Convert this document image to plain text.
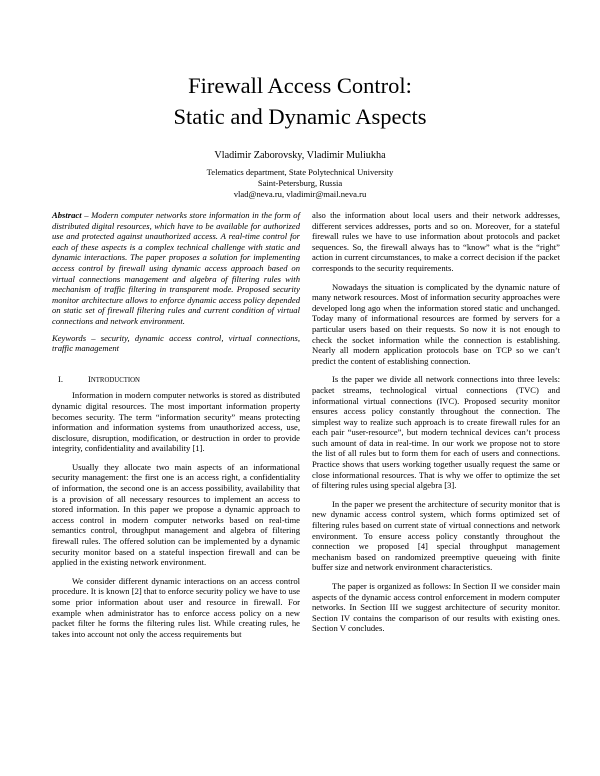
Firewall Access Control:
Static and Dynamic Aspects
Vladimir Zaborovsky, Vladimir Muliukha
Telematics department, State Polytechnical University
Saint-Petersburg, Russia
vlad@neva.ru, vladimir@mail.neva.ru

Abstract – Modern computer networks store information in the form of distributed digital resources, which have to be available for authorized use and protected against unauthorized access. A real-time control for each of these aspects is a complex technical challenge with static and dynamic interactions. The paper proposes a solution for implementing access control by firewall using dynamic access approach based on virtual connections management and algebra of filtering rules with mechanism of traffic filtering in transparent mode. Proposed security monitor architecture allows to enforce dynamic access policy depended on static set of firewall filtering rules and current condition of virtual connections and network environment.

Keywords – security, dynamic access control, virtual connections, traffic management

I.	INTRODUCTION

Information in modern computer networks is stored as distributed dynamic digital resources. The most important information property becomes security. The term “information security” means protecting information and information systems from unauthorized access, use, disclosure, disruption, modification, or destruction in order to provide integrity, confidentiality and availability [1].

Usually they allocate two main aspects of an informational security management: the first one is an access right, a confidentiality of information, the second one is an access possibility, availability that is a provision of all necessary resources to implement an access to stored information. In this paper we propose a dynamic approach to access control in modern computer networks based on real-time semantics control, throughput management and algebra of filtering firewall rules. The offered solution can be implemented by a dynamic security monitor based on a stateful inspection firewall and can be applied in the existing network environment.

We consider different dynamic interactions on an access control procedure. It is known [2] that to enforce security policy we have to use some prior information about user and resource in firewall. For example when administrator has to enforce access policy on a new packet filter he forms the filtering rules list. While creating rules, he takes into account not only the access requirements but

also the information about local users and their network addresses, different services addresses, ports and so on. Moreover, for a stateful firewall rules we have to use information about protocols and packet sequences. So, the firewall always has to “know” what is the “right” action in current circumstances, to make a correct decision if the packet corresponds to the security requirements.

Nowadays the situation is complicated by the dynamic nature of many network resources. Most of information security approaches were developed long ago when the information stored static and unchanged. Today many of informational resources are formed by servers for a particular users based on their requests. So now it is not enough to check the socket information while the connection is establishing. Nearly all modern application protocols base on TCP so we can’t predict the content of establishing connection.

Is the paper we divide all network connections into three levels: packet streams, technological virtual connections (TVC) and informational virtual connections (IVC). Proposed security monitor ensures access policy constantly throughout the connection. The simplest way to realize such approach is to create firewall rules for an each pair “user-resource”, but modern technical devices can’t process such amount of data in real-time. In our work we propose not to store the list of all rules but to form them for each of users and connections. Practice shows that users working together usually request the same or close informational resources. That is why we offer to optimize the set of filtering rules using special algebra [3].

In the paper we present the architecture of security monitor that is new dynamic access control system, which forms optimized set of filtering rules based on current state of virtual connections and network environment. To ensure access policy constantly throughout the connection we proposed [4] special throughput management mechanism based on randomized preemptive queueing with finite buffer size and network environment characteristics.

The paper is organized as follows: In Section II we consider main aspects of the dynamic access control enforcement in modern computer networks. In Section III we suggest architecture of security monitor. Section IV contains the comparison of our results with existing ones. Section V concludes.
